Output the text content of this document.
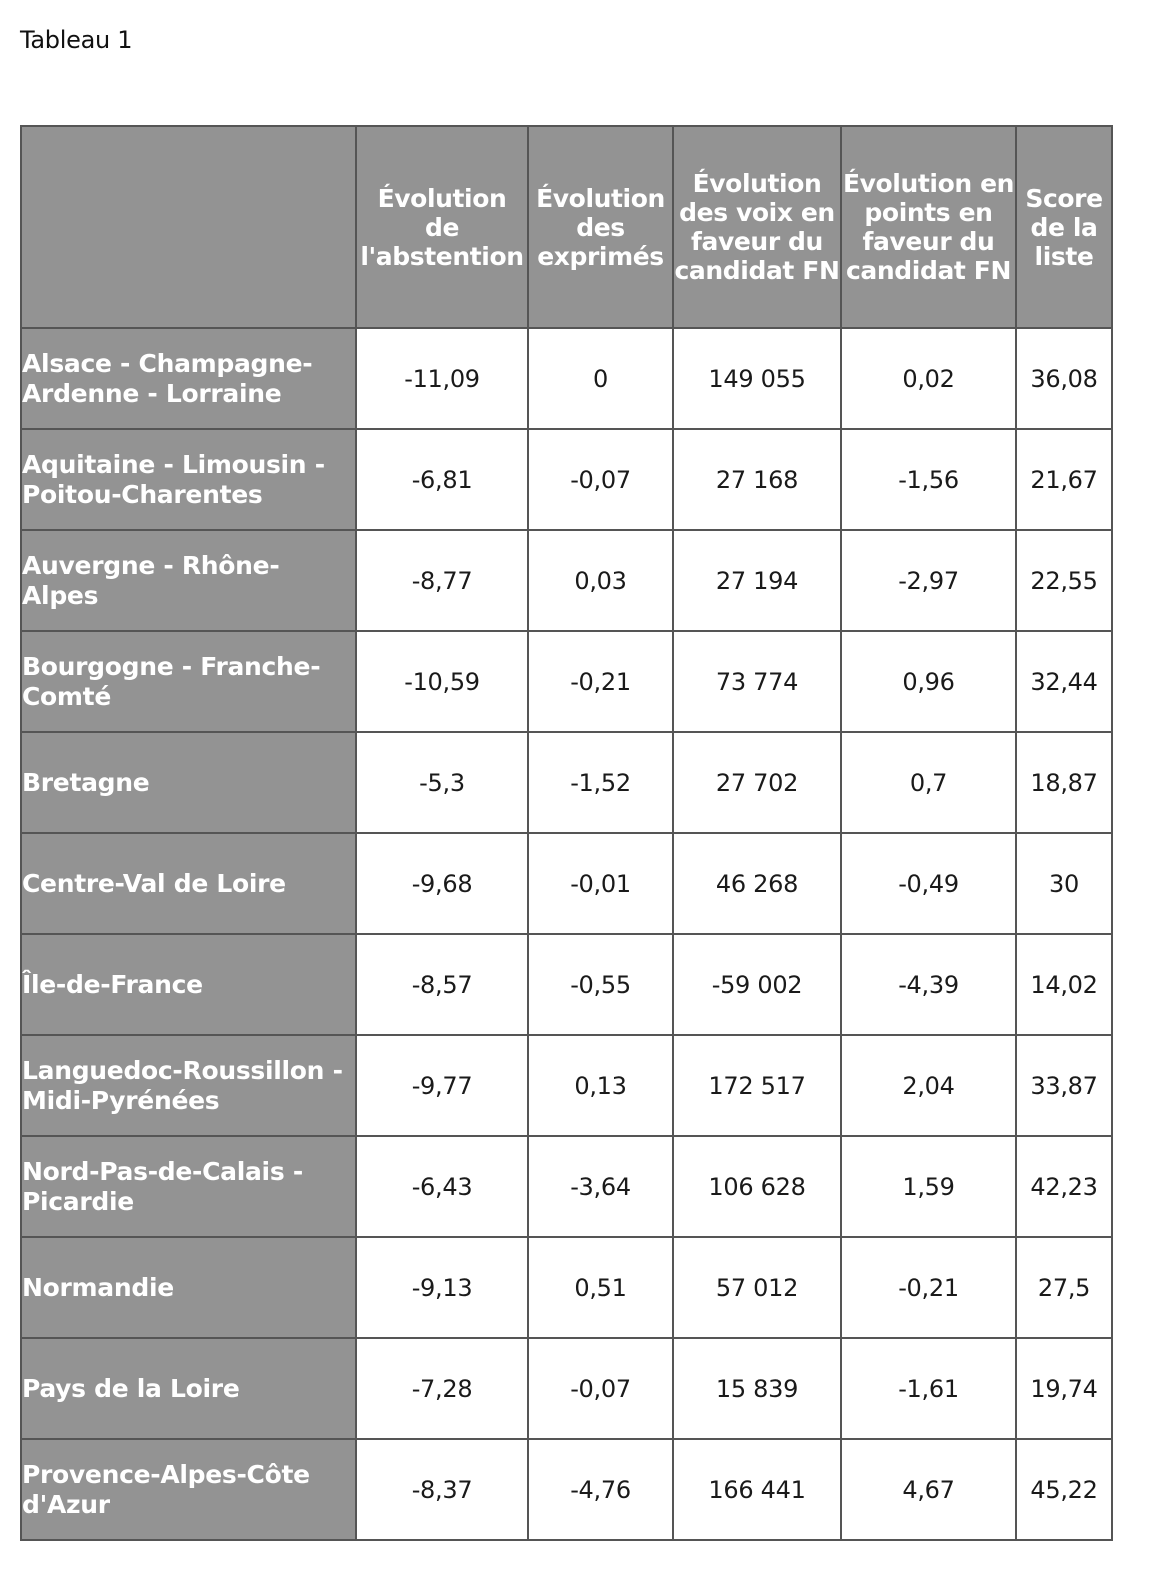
Tableau 1
	Évolution de l'abstention	Évolution des exprimés	Évolution des voix en faveur du candidat FN	Évolution en points en faveur du candidat FN	Score de la liste
Alsace - Champagne-Ardenne - Lorraine	-11,09	0	149 055	0,02	36,08
Aquitaine - Limousin - Poitou-Charentes	-6,81	-0,07	27 168	-1,56	21,67
Auvergne - Rhône-Alpes	-8,77	0,03	27 194	-2,97	22,55
Bourgogne - Franche-Comté	-10,59	-0,21	73 774	0,96	32,44
Bretagne	-5,3	-1,52	27 702	0,7	18,87
Centre-Val de Loire	-9,68	-0,01	46 268	-0,49	30
Île-de-France	-8,57	-0,55	-59 002	-4,39	14,02
Languedoc-Roussillon - Midi-Pyrénées	-9,77	0,13	172 517	2,04	33,87
Nord-Pas-de-Calais - Picardie	-6,43	-3,64	106 628	1,59	42,23
Normandie	-9,13	0,51	57 012	-0,21	27,5
Pays de la Loire	-7,28	-0,07	15 839	-1,61	19,74
Provence-Alpes-Côte d'Azur	-8,37	-4,76	166 441	4,67	45,22
